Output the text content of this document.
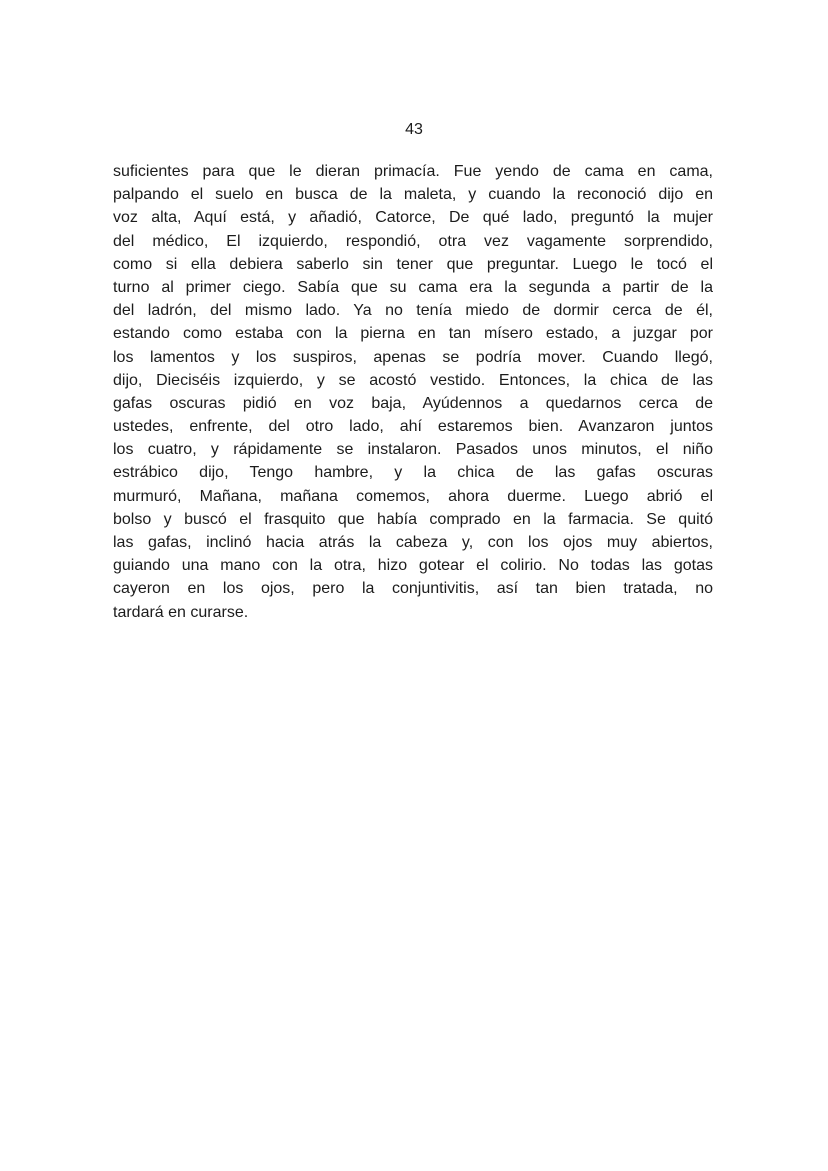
43
suficientes para que le dieran primacía. Fue yendo de cama en cama,
palpando el suelo en busca de la maleta, y cuando la reconoció dijo en
voz alta, Aquí está, y añadió, Catorce, De qué lado, preguntó la mujer
del médico, El izquierdo, respondió, otra vez vagamente sorprendido,
como si ella debiera saberlo sin tener que preguntar. Luego le tocó el
turno al primer ciego. Sabía que su cama era la segunda a partir de la
del ladrón, del mismo lado. Ya no tenía miedo de dormir cerca de él,
estando como estaba con la pierna en tan mísero estado, a juzgar por
los lamentos y los suspiros, apenas se podría mover. Cuando llegó,
dijo, Dieciséis izquierdo, y se acostó vestido. Entonces, la chica de las
gafas oscuras pidió en voz baja, Ayúdennos a quedarnos cerca de
ustedes, enfrente, del otro lado, ahí estaremos bien. Avanzaron juntos
los cuatro, y rápidamente se instalaron. Pasados unos minutos, el niño
estrábico dijo, Tengo hambre, y la chica de las gafas oscuras
murmuró, Mañana, mañana comemos, ahora duerme. Luego abrió el
bolso y buscó el frasquito que había comprado en la farmacia. Se quitó
las gafas, inclinó hacia atrás la cabeza y, con los ojos muy abiertos,
guiando una mano con la otra, hizo gotear el colirio. No todas las gotas
cayeron en los ojos, pero la conjuntivitis, así tan bien tratada, no
tardará en curarse.
